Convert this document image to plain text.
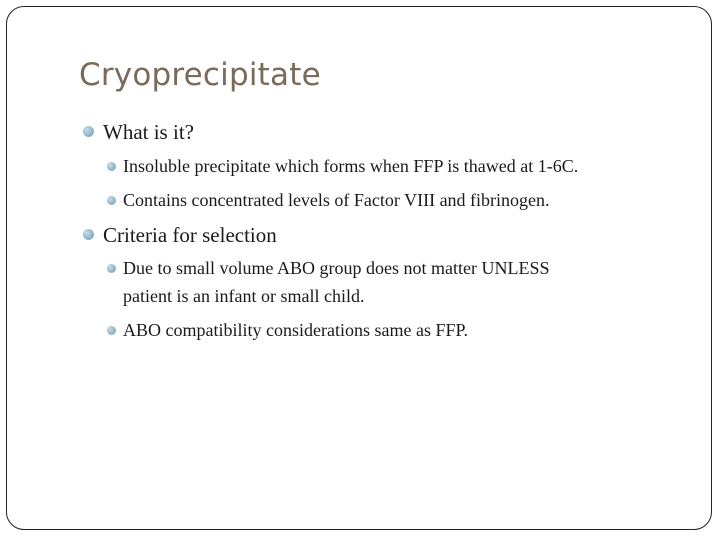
Cryoprecipitate
What is it?
Insoluble precipitate which forms when FFP is thawed at 1-6C.
Contains concentrated levels of Factor VIII and fibrinogen.
Criteria for selection
Due to small volume ABO group does not matter UNLESS
patient is an infant or small child.
ABO compatibility considerations same as FFP.
